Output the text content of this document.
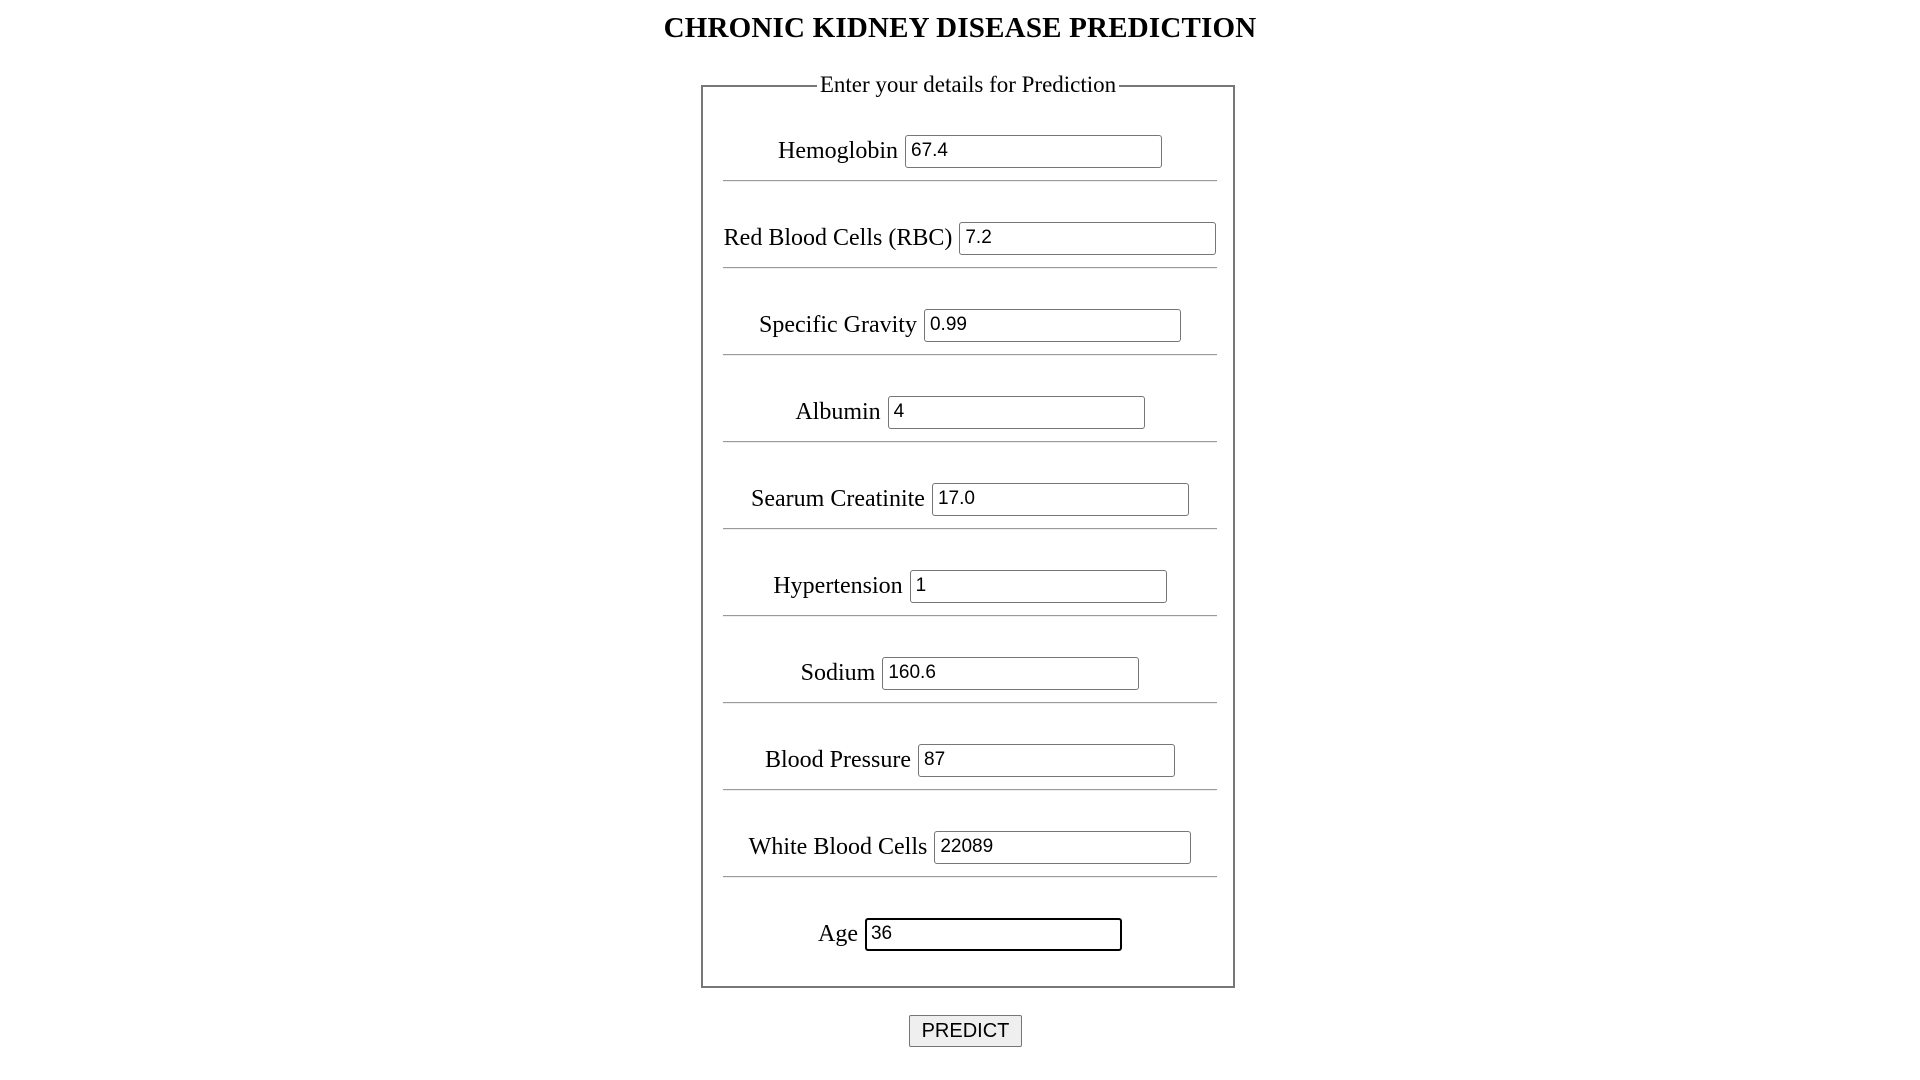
CHRONIC KIDNEY DISEASE PREDICTION
Enter your details for Prediction
Hemoglobin
67.4
Red Blood Cells (RBC)
7.2
Specific Gravity
0.99
Albumin
4
Searum Creatinite
17.0
Hypertension
1
Sodium
160.6
Blood Pressure
87
White Blood Cells
22089
Age
36
PREDICT
